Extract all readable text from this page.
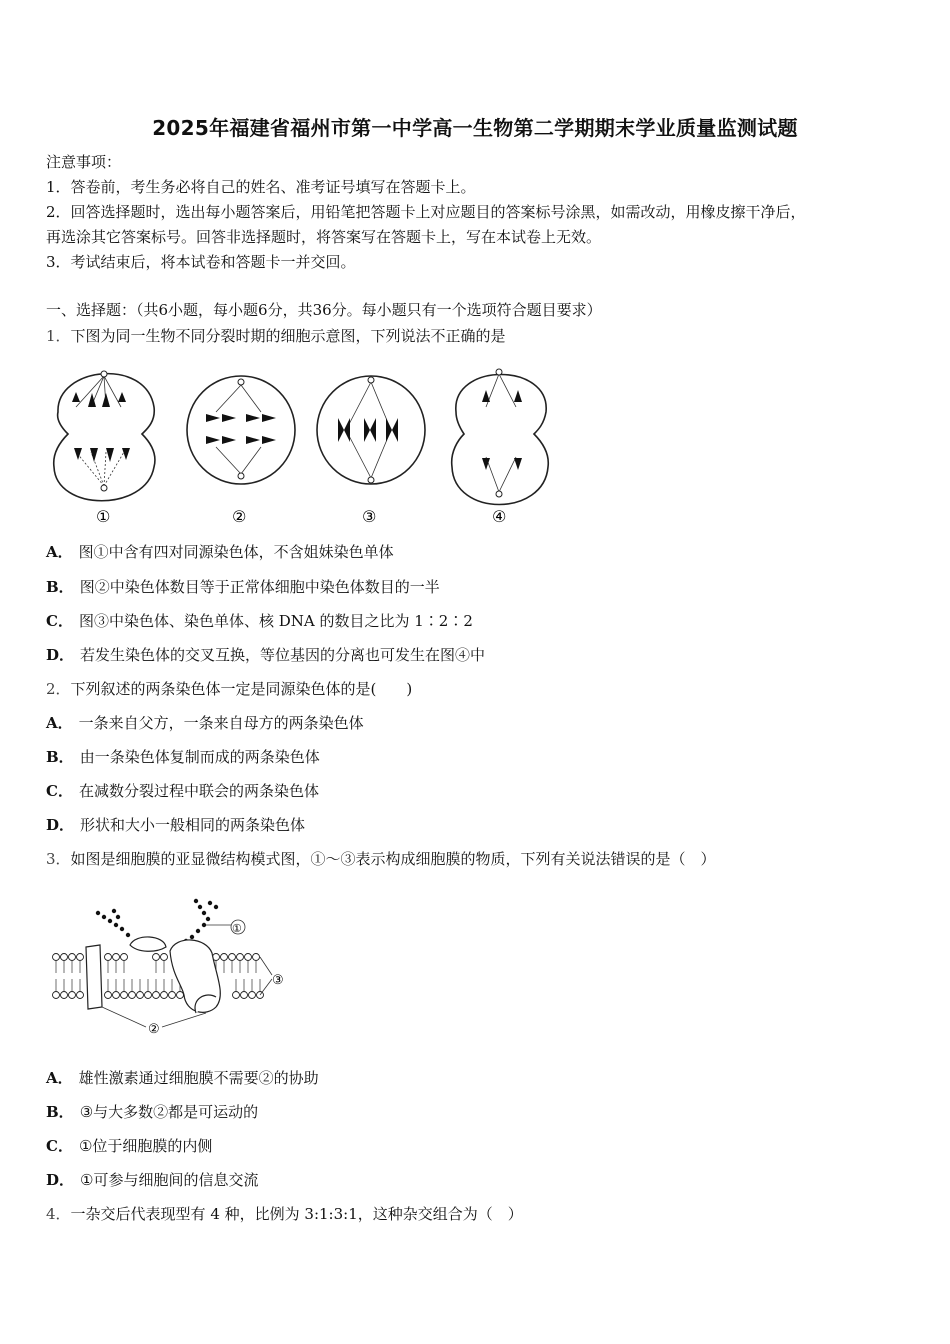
2025年福建省福州市第一中学高一生物第二学期期末学业质量监测试题
注意事项：
1．答卷前，考生务必将自己的姓名、准考证号填写在答题卡上。
2．回答选择题时，选出每小题答案后，用铅笔把答题卡上对应题目的答案标号涂黑，如需改动，用橡皮擦干净后，
再选涂其它答案标号。回答非选择题时，将答案写在答题卡上，写在本试卷上无效。
3．考试结束后，将本试卷和答题卡一并交回。
一、选择题：（共6小题，每小题6分，共36分。每小题只有一个选项符合题目要求）
1．下图为同一生物不同分裂时期的细胞示意图，下列说法不正确的是
①	②	③	④
A． 图①中含有四对同源染色体，不含姐妹染色单体
B． 图②中染色体数目等于正常体细胞中染色体数目的一半
C． 图③中染色体、染色单体、核 DNA 的数目之比为 1∶2∶2
D． 若发生染色体的交叉互换，等位基因的分离也可发生在图④中
2．下列叙述的两条染色体一定是同源染色体的是(　　)
A． 一条来自父方，一条来自母方的两条染色体
B． 由一条染色体复制而成的两条染色体
C． 在减数分裂过程中联会的两条染色体
D． 形状和大小一般相同的两条染色体
3．如图是细胞膜的亚显微结构模式图，①～③表示构成细胞膜的物质，下列有关说法错误的是（　）
①
②
③
A． 雄性激素通过细胞膜不需要②的协助
B． ③与大多数②都是可运动的
C． ①位于细胞膜的内侧
D． ①可参与细胞间的信息交流
4．一杂交后代表现型有 4 种，比例为 3:1:3:1，这种杂交组合为（　）
